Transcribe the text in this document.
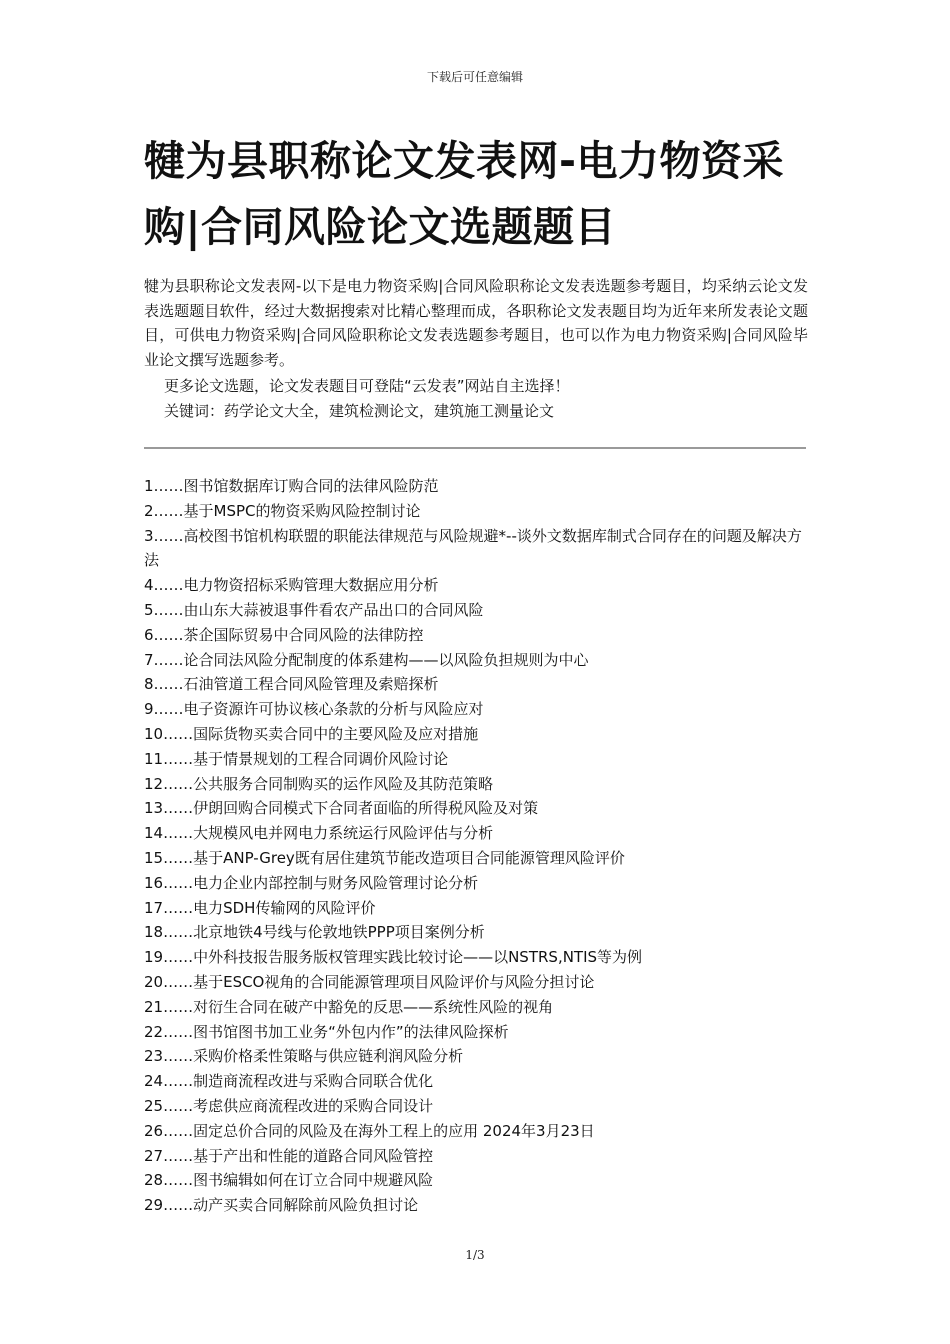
下载后可任意编辑
犍为县职称论文发表网-电力物资采购|合同风险论文选题题目

犍为县职称论文发表网-以下是电力物资采购|合同风险职称论文发表选题参考题目，均采纳云论文发表选题题目软件，经过大数据搜索对比精心整理而成，各职称论文发表题目均为近年来所发表论文题目，可供电力物资采购|合同风险职称论文发表选题参考题目，也可以作为电力物资采购|合同风险毕业论文撰写选题参考。

更多论文选题，论文发表题目可登陆“云发表”网站自主选择！

关键词：药学论文大全，建筑检测论文，建筑施工测量论文

1……图书馆数据库订购合同的法律风险防范
2……基于MSPC的物资采购风险控制讨论
3……高校图书馆机构联盟的职能法律规范与风险规避*--谈外文数据库制式合同存在的问题及解决方法
4……电力物资招标采购管理大数据应用分析
5……由山东大蒜被退事件看农产品出口的合同风险
6……茶企国际贸易中合同风险的法律防控
7……论合同法风险分配制度的体系建构——以风险负担规则为中心
8……石油管道工程合同风险管理及索赔探析
9……电子资源许可协议核心条款的分析与风险应对
10……国际货物买卖合同中的主要风险及应对措施
11……基于情景规划的工程合同调价风险讨论
12……公共服务合同制购买的运作风险及其防范策略
13……伊朗回购合同模式下合同者面临的所得税风险及对策
14……大规模风电并网电力系统运行风险评估与分析
15……基于ANP-Grey既有居住建筑节能改造项目合同能源管理风险评价
16……电力企业内部控制与财务风险管理讨论分析
17……电力SDH传输网的风险评价
18……北京地铁4号线与伦敦地铁PPP项目案例分析
19……中外科技报告服务版权管理实践比较讨论——以NSTRS,NTIS等为例
20……基于ESCO视角的合同能源管理项目风险评价与风险分担讨论
21……对衍生合同在破产中豁免的反思——系统性风险的视角
22……图书馆图书加工业务“外包内作”的法律风险探析
23……采购价格柔性策略与供应链利润风险分析
24……制造商流程改进与采购合同联合优化
25……考虑供应商流程改进的采购合同设计
26……固定总价合同的风险及在海外工程上的应用 2024年3月23日
27……基于产出和性能的道路合同风险管控
28……图书编辑如何在订立合同中规避风险
29……动产买卖合同解除前风险负担讨论
1/3
